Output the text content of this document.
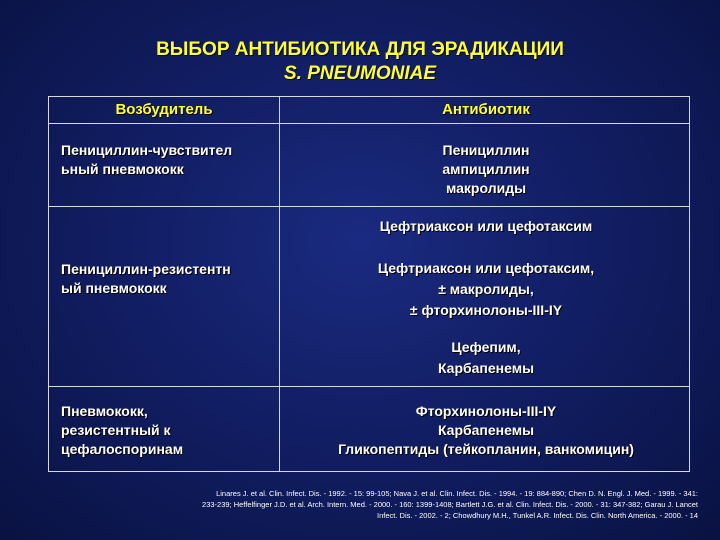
ВЫБОР АНТИБИОТИКА ДЛЯ ЭРАДИКАЦИИ
S. PNEUMONIAE
Возбудитель	Антибиотик
Пенициллин-чувствител
ьный пневмококк
Пенициллин
ампициллин
макролиды
Пенициллин-резистентн
ый пневмококк
Цефтриаксон или цефотаксим
Цефтриаксон или цефотаксим,
± макролиды,
± фторхинолоны-III-IY
Цефепим,
Карбапенемы
Пневмококк,
резистентный к
цефалоспоринам
Фторхинолоны-III-IY
Карбапенемы
Гликопептиды (тейкопланин, ванкомицин)
Linares J. et al. Clin. Infect. Dis. - 1992. - 15: 99-105; Nava J. et al. Clin. Infect. Dis. - 1994. - 19: 884-890; Chen D. N. Engl. J. Med. - 1999. - 341:
233-239; Heffelfinger J.D. et al. Arch. Intern. Med. - 2000. - 160: 1399-1408; Bartlett J.G. et al. Clin. Infect. Dis. - 2000. - 31: 347-382; Garau J. Lancet
Infect. Dis. - 2002. - 2; Chowdhury M.H., Tunkel A.R. Infect. Dis. Clin. North America. - 2000. - 14
